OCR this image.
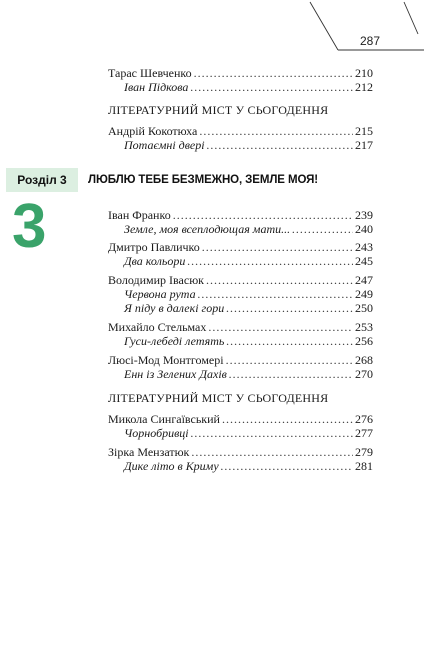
287
Розділ 3
3
ЛЮБЛЮ ТЕБЕ БЕЗМЕЖНО, ЗЕМЛЕ МОЯ!
Тарас Шевченко .....	210
Іван Підкова .....	212
ЛІТЕРАТУРНИЙ МІСТ У СЬОГОДЕННЯ
Андрій Кокотюха .....	215
Потаємні двері .....	217
Іван Франко .....	239
Земле, моя всеплодющая мати... .....	240
Дмитро Павличко .....	243
Два кольори .....	245
Володимир Івасюк .....	247
Червона рута .....	249
Я піду в далекі гори .....	250
Михайло Стельмах .....	253
Гуси-лебеді летять .....	256
Люсі-Мод Монтгомері .....	268
Енн із Зелених Дахів .....	270
ЛІТЕРАТУРНИЙ МІСТ У СЬОГОДЕННЯ
Микола Сингаївський .....	276
Чорнобривці .....	277
Зірка Мензатюк .....	279
Дике літо в Криму .....	281
